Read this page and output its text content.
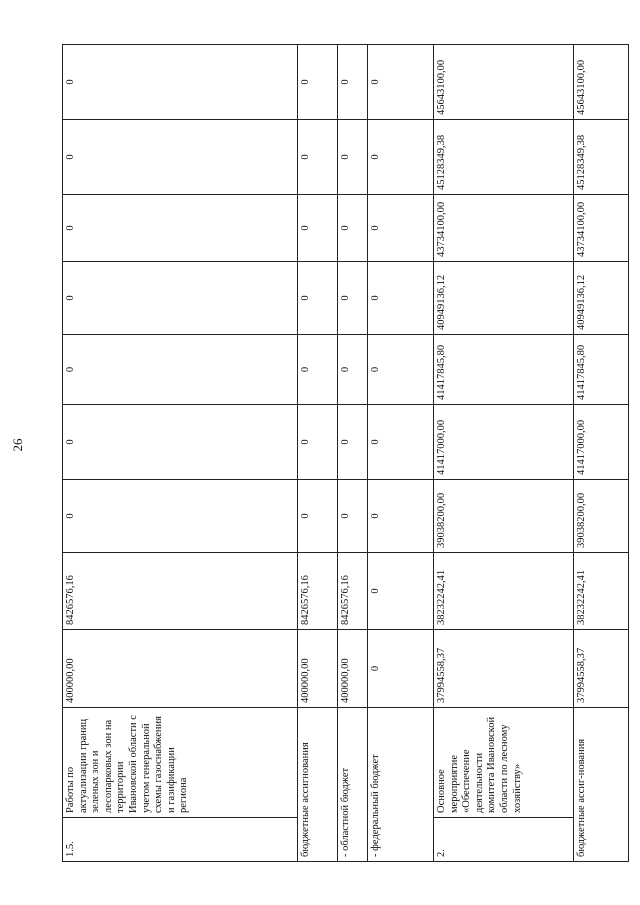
26
1.5.	Работы по актуализации границ зеленых зон и лесопарковых зон на территории Ивановской области с учетом генеральной схемы газоснабжения и газификации региона	400000,00	8426576,16	0	0	0	0	0	0	0
бюджетные ассигнования		400000,00	8426576,16	0	0	0	0	0	0	0
- областной бюджет		400000,00	8426576,16	0	0	0	0	0	0	0
- федеральный бюджет		0	0	0	0	0	0	0	0	0
2.	Основное мероприятие «Обеспечение деятельности комитета Ивановской области по лесному хозяйству»	37994558,37	38232242,41	39038200,00	41417000,00	41417845,80	40949136,12	43734100,00	45128349,38	45643100,00
бюджетные ассиг-нования		37994558,37	38232242,41	39038200,00	41417000,00	41417845,80	40949136,12	43734100,00	45128349,38	45643100,00
